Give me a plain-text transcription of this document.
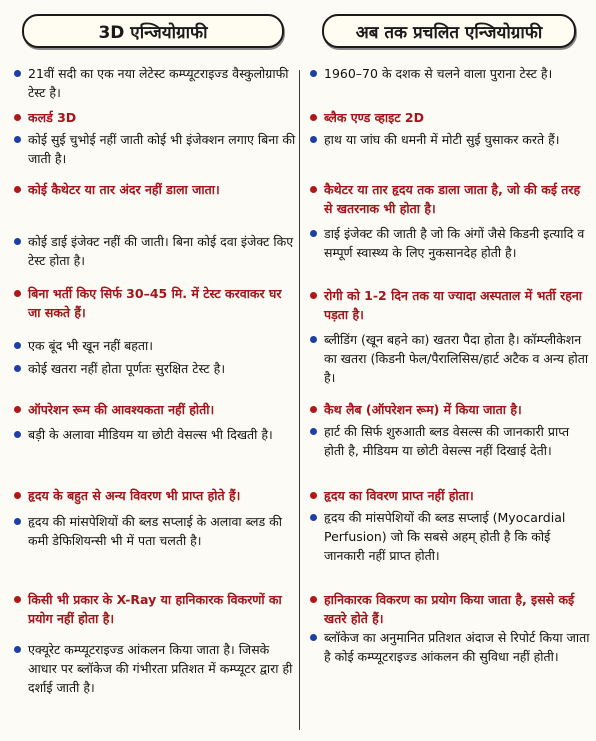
3D एन्जियोग्राफी
21वीं सदी का एक नया लेटेस्ट कम्प्यूटराइज्ड वैस्कुलोग्राफी टेस्ट है।
कलर्ड 3D
कोई सुई चुभोई नहीं जाती कोई भी इंजेक्शन लगाए बिना की जाती है।
कोई कैथेटर या तार अंदर नहीं डाला जाता।
कोई डाई इंजेक्ट नहीं की जाती। बिना कोई दवा इंजेक्ट किए टेस्ट होता है।
बिना भर्ती किए सिर्फ 30–45 मि. में टेस्ट करवाकर घर जा सकते हैं।
एक बूंद भी खून नहीं बहता।
कोई खतरा नहीं होता पूर्णतः सुरक्षित टेस्ट है।
ऑपरेशन रूम की आवश्यकता नहीं होती।
बड़ी के अलावा मीडियम या छोटी वेसल्स भी दिखती है।
हृदय के बहुत से अन्य विवरण भी प्राप्त होते हैं।
हृदय की मांसपेशियों की ब्लड सप्लाई के अलावा ब्लड की कमी डेफिशियन्सी भी में पता चलती है।
किसी भी प्रकार के X-Ray या हानिकारक विकरणों का प्रयोग नहीं होता है।
एक्यूरेट कम्प्यूटराइज्ड आंकलन किया जाता है। जिसके आधार पर ब्लॉकेज की गंभीरता प्रतिशत में कम्प्यूटर द्वारा ही दर्शाई जाती है।
अब तक प्रचलित एन्जियोग्राफी
1960–70 के दशक से चलने वाला पुराना टेस्ट है।
ब्लैक एण्ड व्हाइट 2D
हाथ या जांघ की धमनी में मोटी सुई घुसाकर करते हैं।
कैथेटर या तार हृदय तक डाला जाता है, जो की कई तरह से खतरनाक भी होता है।
डाई इंजेक्ट की जाती है जो कि अंगों जैसे किडनी इत्यादि व सम्पूर्ण स्वास्थ्य के लिए नुकसानदेह होती है।
रोगी को 1-2 दिन तक या ज्यादा अस्पताल में भर्ती रहना पड़ता है।
ब्लीडिंग (खून बहने का) खतरा पैदा होता है। कॉम्प्लीकेशन का खतरा (किडनी फेल/पैरालिसिस/हार्ट अटैक व अन्य होता है।
कैथ लैब (ऑपरेशन रूम) में किया जाता है।
हार्ट की सिर्फ शुरुआती ब्लड वेसल्स की जानकारी प्राप्त होती है, मीडियम या छोटी वेसल्स नहीं दिखाई देती।
हृदय का विवरण प्राप्त नहीं होता।
हृदय की मांसपेशियों की ब्लड सप्लाई (Myocardial Perfusion) जो कि सबसे अहम् होती है कि कोई जानकारी नहीं प्राप्त होती।
हानिकारक विकरण का प्रयोग किया जाता है, इससे कई खतरे होते हैं।
ब्लॉकेज का अनुमानित प्रतिशत अंदाज से रिपोर्ट किया जाता है कोई कम्प्यूटराइज्ड आंकलन की सुविधा नहीं होती।
